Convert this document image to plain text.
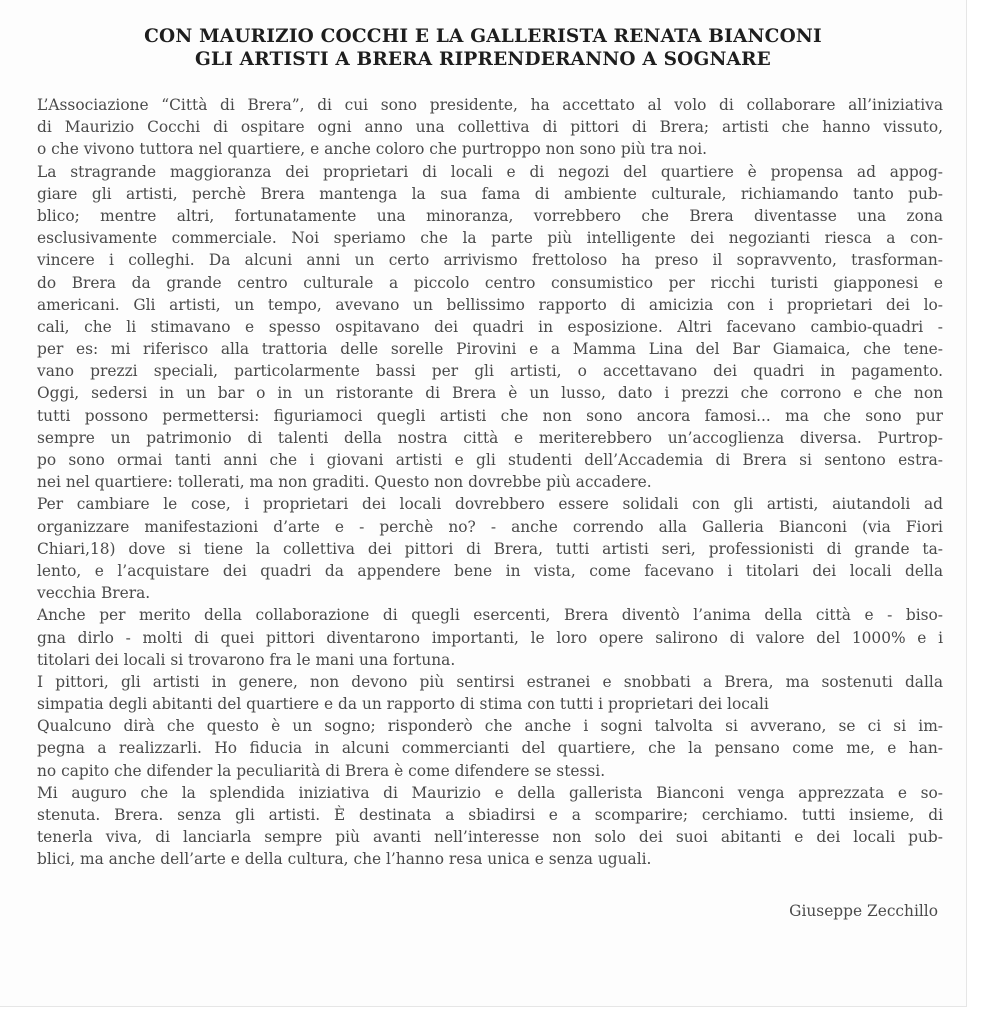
CON MAURIZIO COCCHI E LA GALLERISTA RENATA BIANCONI
GLI ARTISTI A BRERA RIPRENDERANNO A SOGNARE
L’Associazione “Città di Brera”, di cui sono presidente, ha accettato al volo di collaborare all’iniziativa
di Maurizio Cocchi di ospitare ogni anno una collettiva di pittori di Brera; artisti che hanno vissuto,
o che vivono tuttora nel quartiere, e anche coloro che purtroppo non sono più tra noi.
La stragrande maggioranza dei proprietari di locali e di negozi del quartiere è propensa ad appog-
giare gli artisti, perchè Brera mantenga la sua fama di ambiente culturale, richiamando tanto pub-
blico; mentre altri, fortunatamente una minoranza, vorrebbero che Brera diventasse una zona
esclusivamente commerciale. Noi speriamo che la parte più intelligente dei negozianti riesca a con-
vincere i colleghi. Da alcuni anni un certo arrivismo frettoloso ha preso il sopravvento, trasforman-
do Brera da grande centro culturale a piccolo centro consumistico per ricchi turisti giapponesi e
americani. Gli artisti, un tempo, avevano un bellissimo rapporto di amicizia con i proprietari dei lo-
cali, che li stimavano e spesso ospitavano dei quadri in esposizione. Altri facevano cambio-quadri -
per es: mi riferisco alla trattoria delle sorelle Pirovini e a Mamma Lina del Bar Giamaica, che tene-
vano prezzi speciali, particolarmente bassi per gli artisti, o accettavano dei quadri in pagamento.
Oggi, sedersi in un bar o in un ristorante di Brera è un lusso, dato i prezzi che corrono e che non
tutti possono permettersi: figuriamoci quegli artisti che non sono ancora famosi... ma che sono pur
sempre un patrimonio di talenti della nostra città e meriterebbero un’accoglienza diversa. Purtrop-
po sono ormai tanti anni che i giovani artisti e gli studenti dell’Accademia di Brera si sentono estra-
nei nel quartiere: tollerati, ma non graditi. Questo non dovrebbe più accadere.
Per cambiare le cose, i proprietari dei locali dovrebbero essere solidali con gli artisti, aiutandoli ad
organizzare manifestazioni d’arte e - perchè no? - anche correndo alla Galleria Bianconi (via Fiori
Chiari,18) dove si tiene la collettiva dei pittori di Brera, tutti artisti seri, professionisti di grande ta-
lento, e l’acquistare dei quadri da appendere bene in vista, come facevano i titolari dei locali della
vecchia Brera.
Anche per merito della collaborazione di quegli esercenti, Brera diventò l’anima della città e - biso-
gna dirlo - molti di quei pittori diventarono importanti, le loro opere salirono di valore del 1000% e i
titolari dei locali si trovarono fra le mani una fortuna.
I pittori, gli artisti in genere, non devono più sentirsi estranei e snobbati a Brera, ma sostenuti dalla
simpatia degli abitanti del quartiere e da un rapporto di stima con tutti i proprietari dei locali
Qualcuno dirà che questo è un sogno; risponderò che anche i sogni talvolta si avverano, se ci si im-
pegna a realizzarli. Ho fiducia in alcuni commercianti del quartiere, che la pensano come me, e han-
no capito che difender la peculiarità di Brera è come difendere se stessi.
Mi auguro che la splendida iniziativa di Maurizio e della gallerista Bianconi venga apprezzata e so-
stenuta. Brera. senza gli artisti. È destinata a sbiadirsi e a scomparire; cerchiamo. tutti insieme, di
tenerla viva, di lanciarla sempre più avanti nell’interesse non solo dei suoi abitanti e dei locali pub-
blici, ma anche dell’arte e della cultura, che l’hanno resa unica e senza uguali.
Giuseppe Zecchillo
